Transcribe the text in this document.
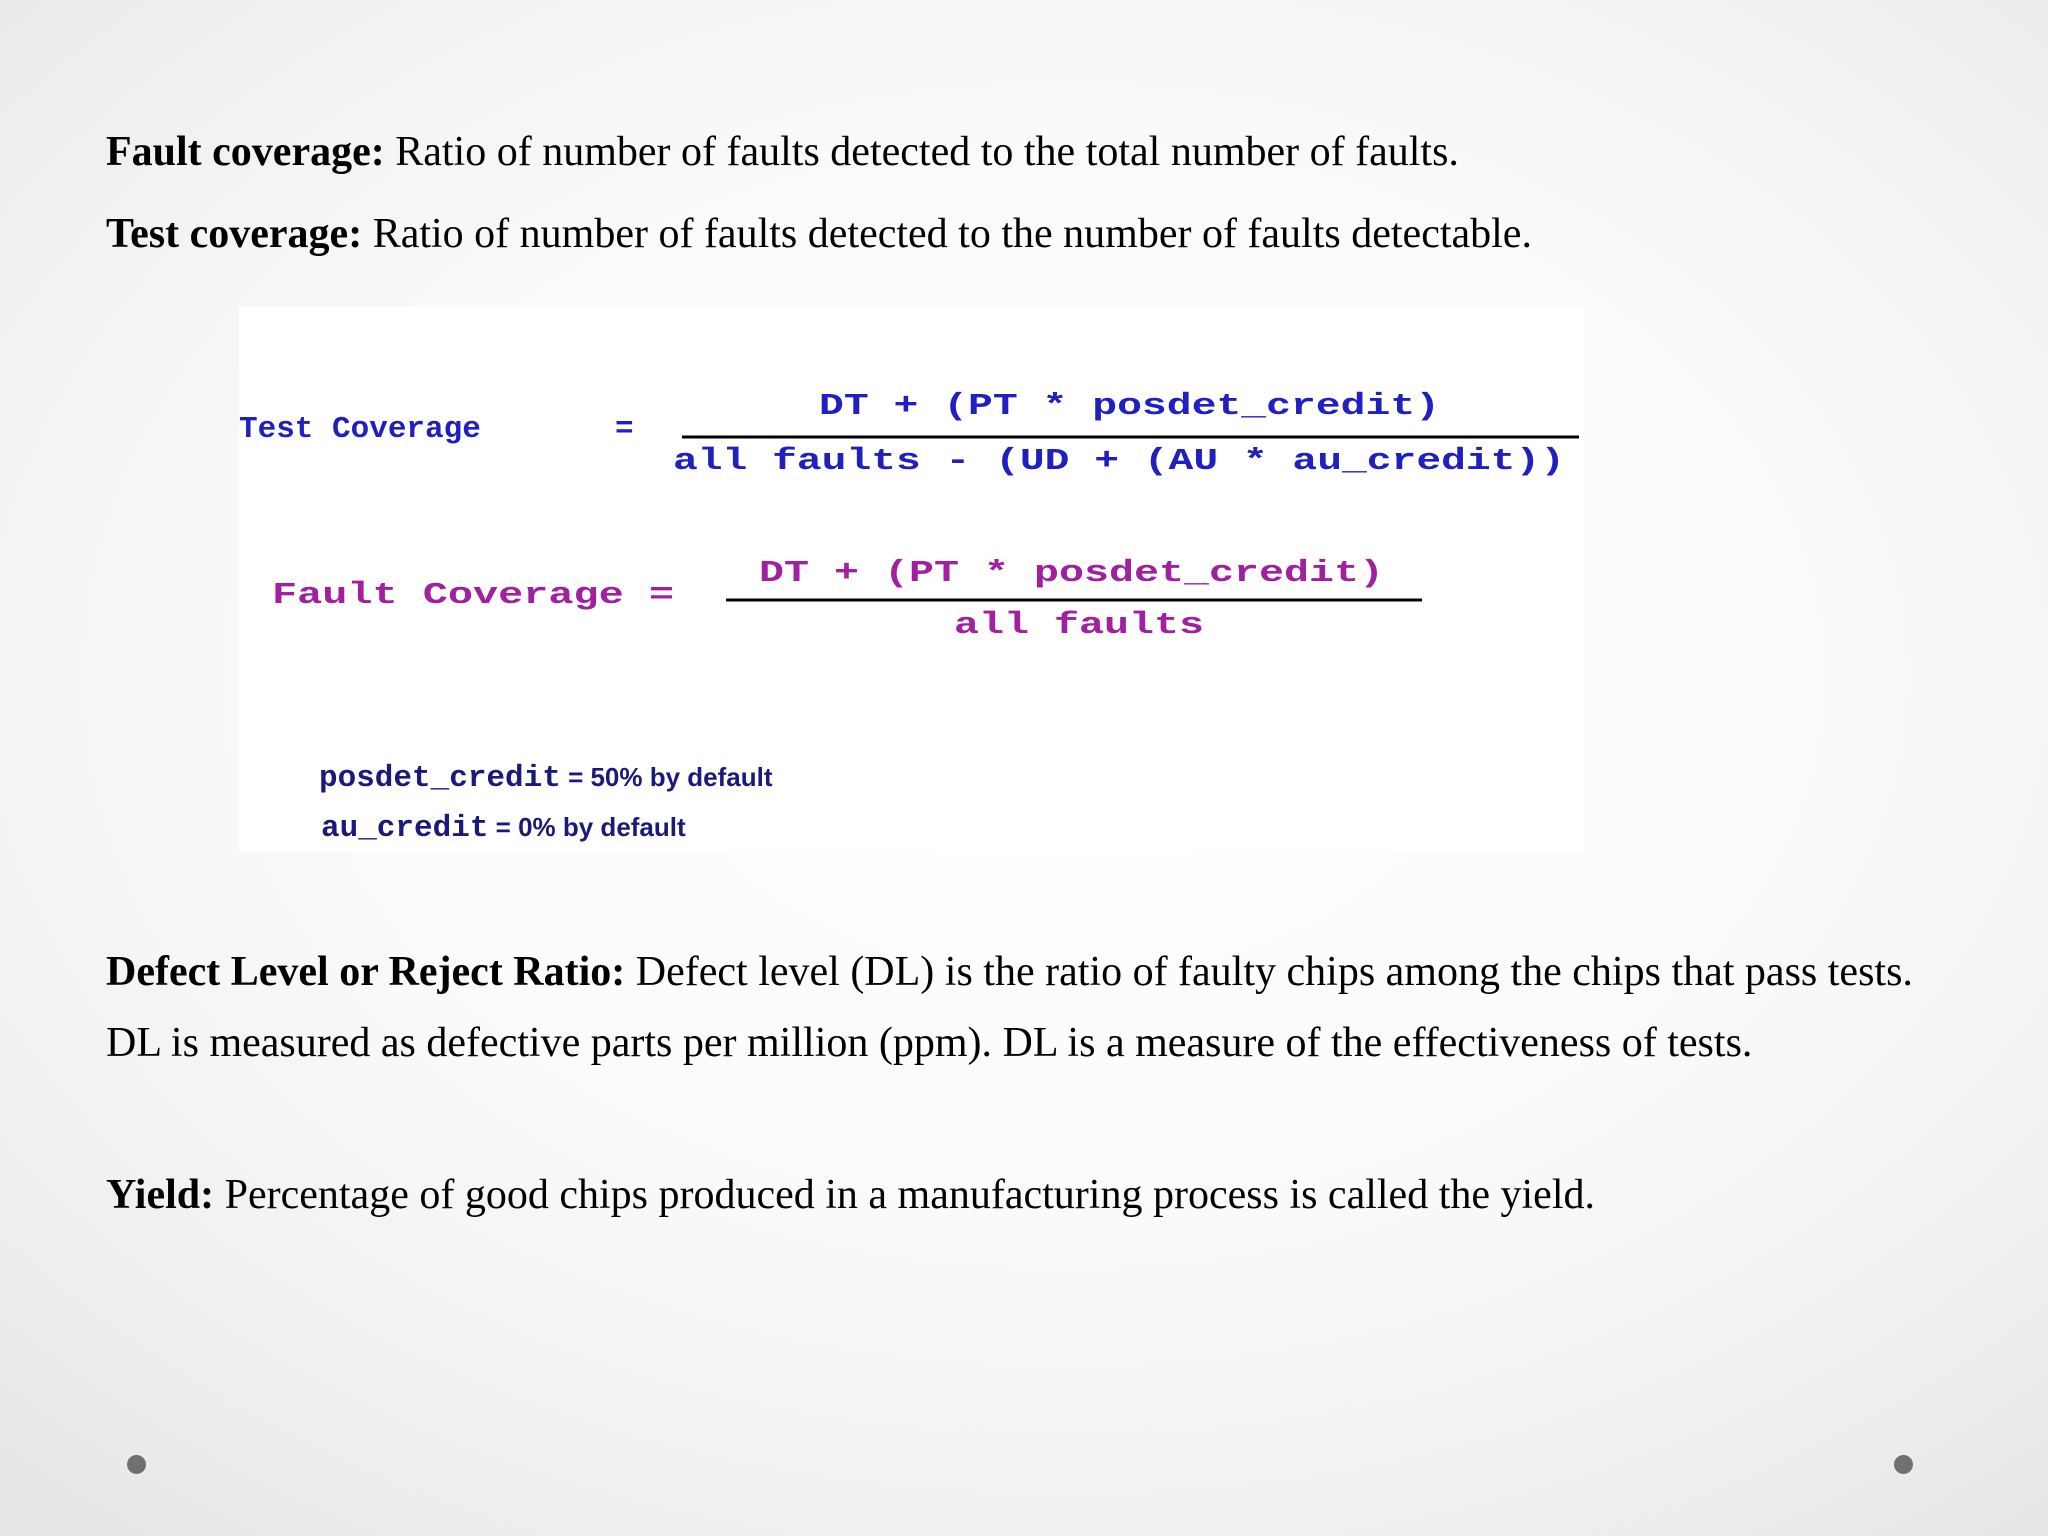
Fault coverage: Ratio of number of faults detected to the total number of faults.

Test coverage: Ratio of number of faults detected to the number of faults detectable.

Test Coverage	=
DT + (PT * posdet_credit)
all faults - (UD + (AU * au_credit))
Fault Coverage =
DT + (PT * posdet_credit)
all faults
posdet_credit = 50% by default
au_credit = 0% by default

Defect Level or Reject Ratio: Defect level (DL) is the ratio of faulty chips among the chips that pass tests. DL is measured as defective parts per million (ppm). DL is a measure of the effectiveness of tests.

Yield: Percentage of good chips produced in a manufacturing process is called the yield.
